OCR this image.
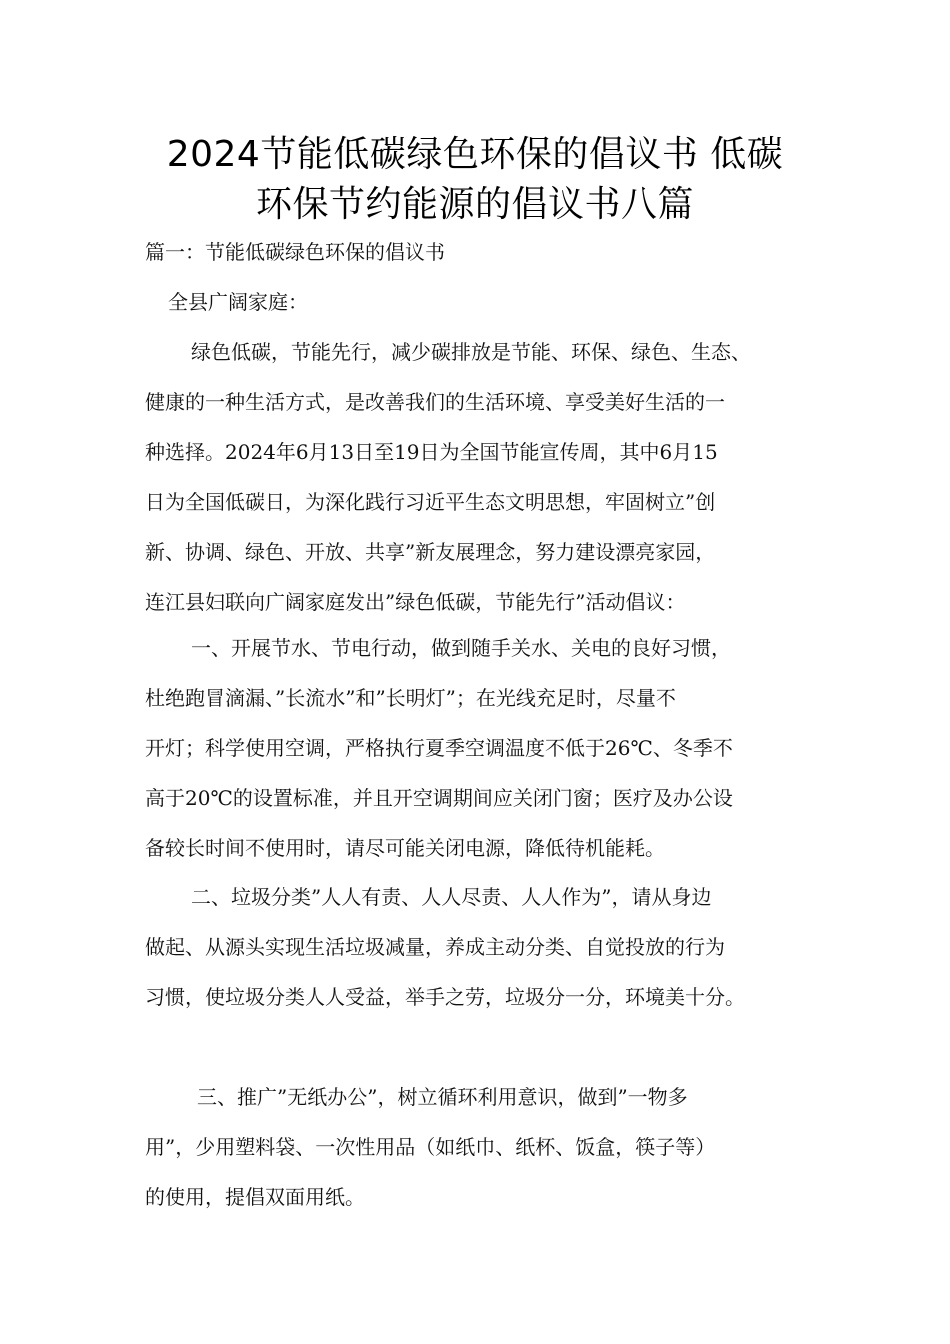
2024节能低碳绿色环保的倡议书 低碳
环保节约能源的倡议书八篇
篇一：节能低碳绿色环保的倡议书

全县广阔家庭：

绿色低碳，节能先行，减少碳排放是节能、环保、绿色、生态、
健康的一种生活方式，是改善我们的生活环境、享受美好生活的一
种选择。2024年6月13日至19日为全国节能宣传周，其中6月15
日为全国低碳日，为深化践行习近平生态文明思想，牢固树立”创
新、协调、绿色、开放、共享”新友展理念，努力建设漂亮家园，
连江县妇联向广阔家庭发出”绿色低碳，节能先行”活动倡议：

一、开展节水、节电行动，做到随手关水、关电的良好习惯，
杜绝跑冒滴漏、”长流水”和”长明灯”；在光线充足时，尽量不
开灯；科学使用空调，严格执行夏季空调温度不低于26℃、冬季不
高于20℃的设置标准，并且开空调期间应关闭门窗；医疗及办公设
备较长时间不使用时，请尽可能关闭电源，降低待机能耗。

二、垃圾分类”人人有责、人人尽责、人人作为”，请从身边
做起、从源头实现生活垃圾减量，养成主动分类、自觉投放的行为
习惯，使垃圾分类人人受益，举手之劳，垃圾分一分，环境美十分。

三、推广”无纸办公”，树立循环利用意识，做到”一物多
用”，少用塑料袋、一次性用品（如纸巾、纸杯、饭盒，筷子等）
的使用，提倡双面用纸。
